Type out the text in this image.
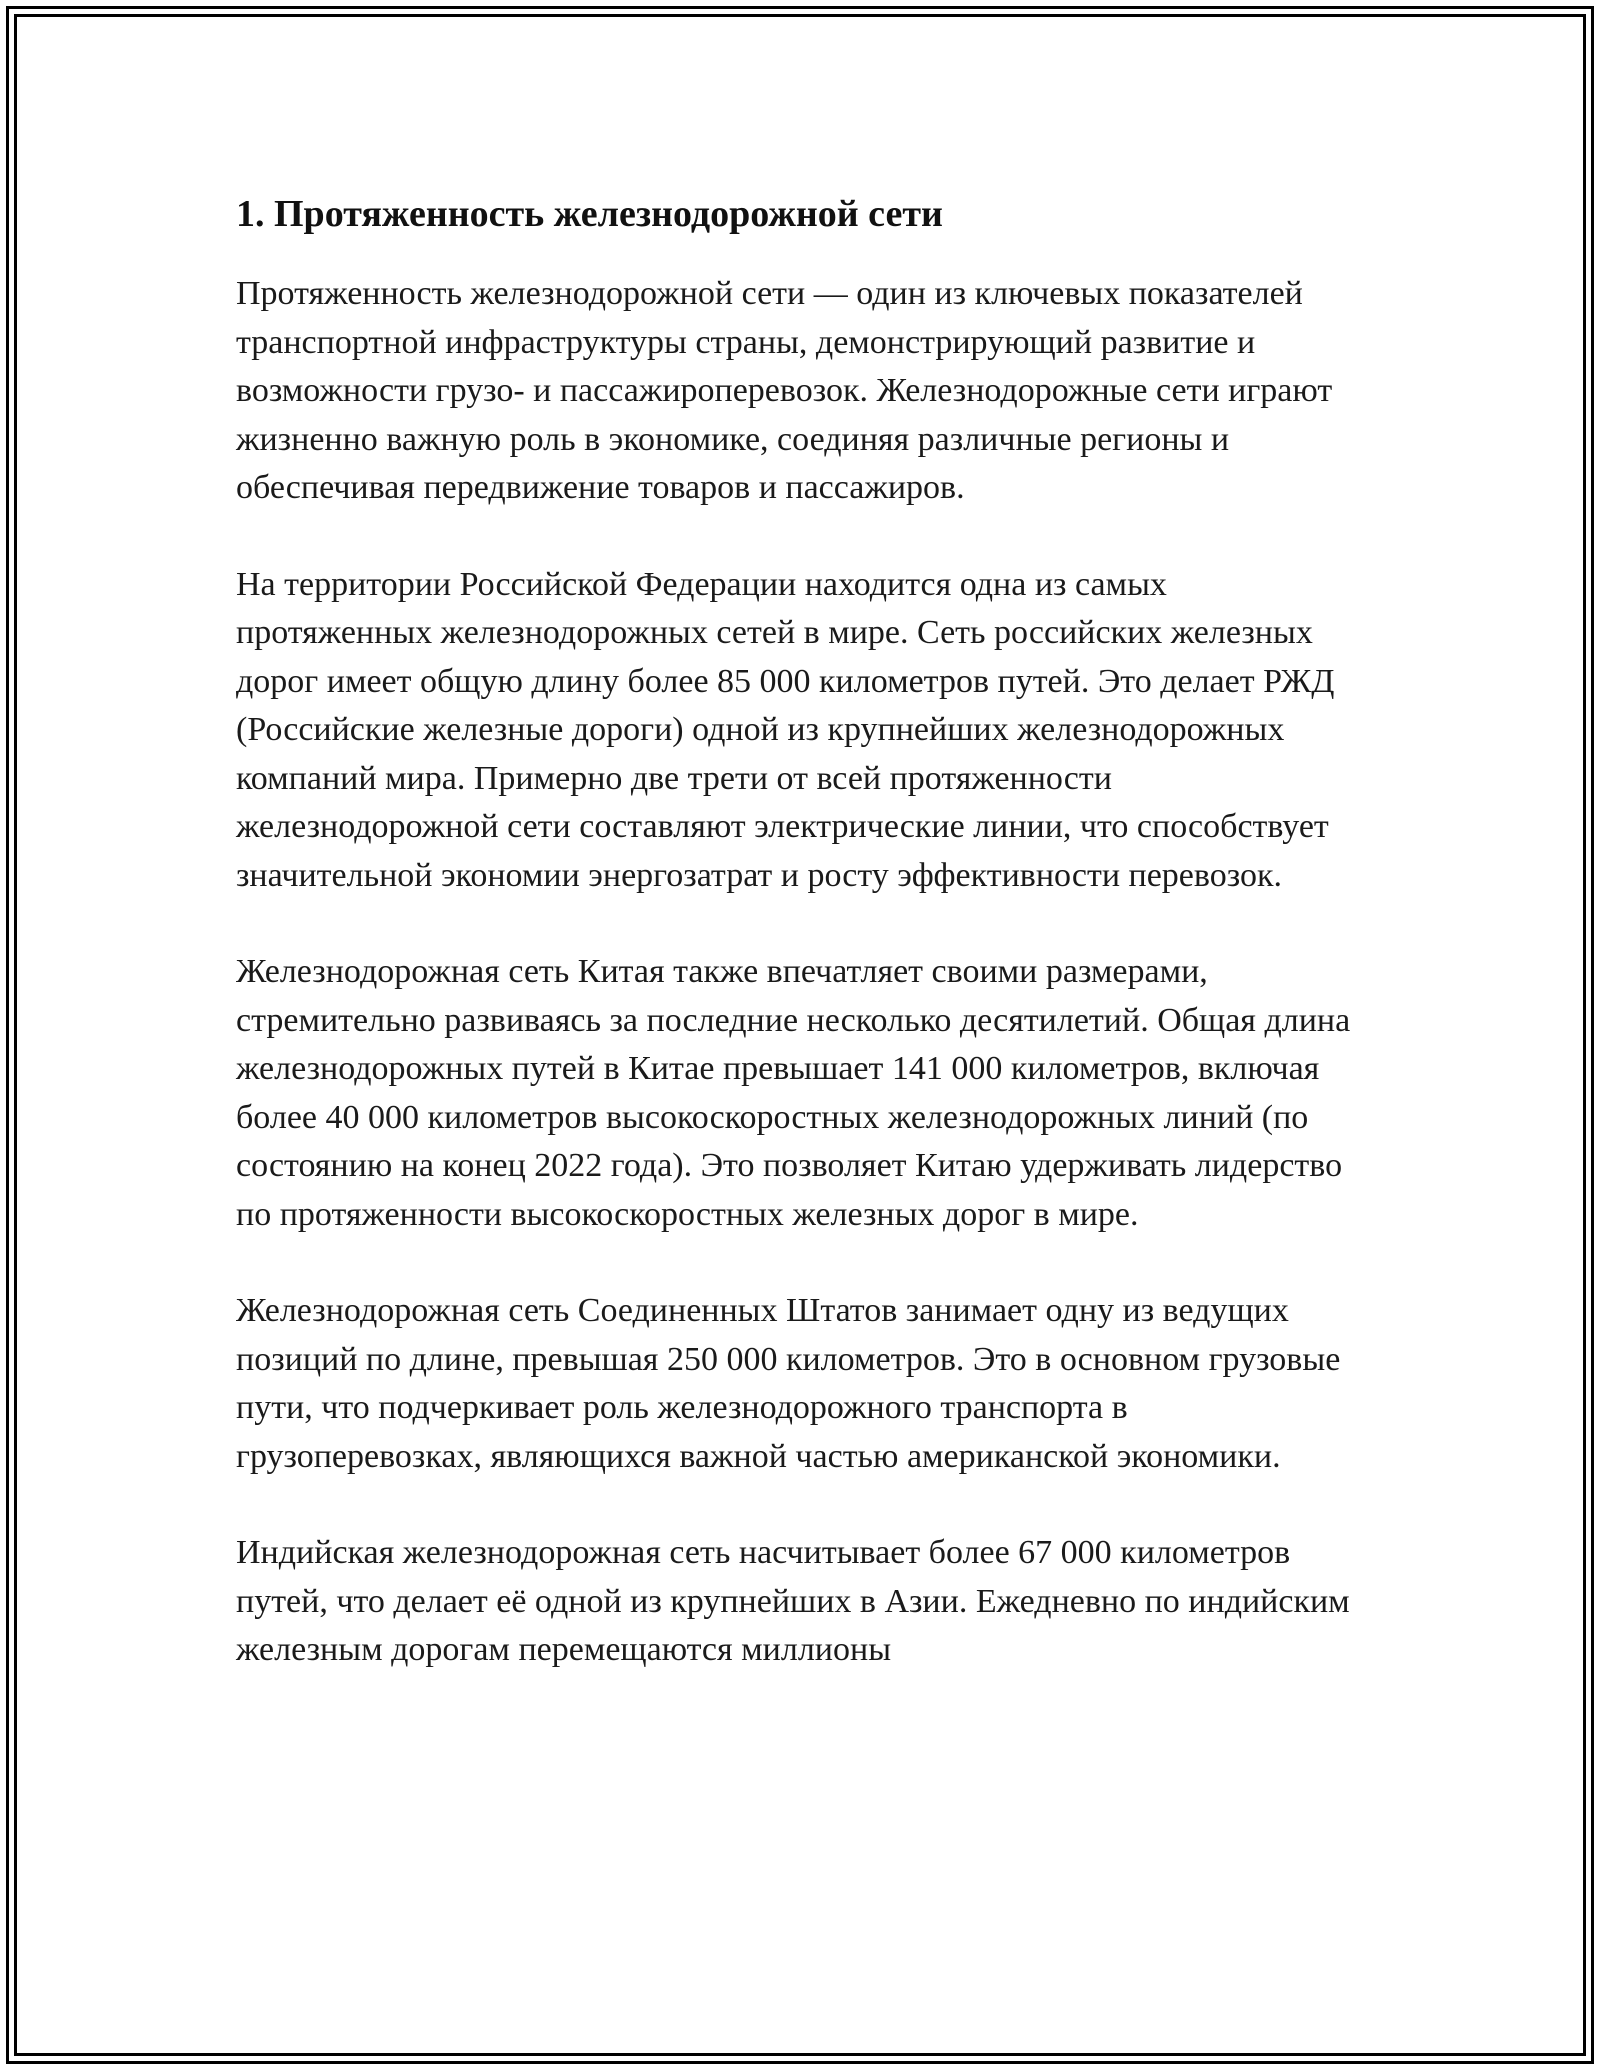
1. Протяженность железнодорожной сети

Протяженность железнодорожной сети — один из ключевых показателей транспортной инфраструктуры страны, демонстрирующий развитие и возможности грузо- и пассажироперевозок. Железнодорожные сети играют жизненно важную роль в экономике, соединяя различные регионы и обеспечивая передвижение товаров и пассажиров.

На территории Российской Федерации находится одна из самых протяженных железнодорожных сетей в мире. Сеть российских железных дорог имеет общую длину более 85 000 километров путей. Это делает РЖД (Российские железные дороги) одной из крупнейших железнодорожных компаний мира. Примерно две трети от всей протяженности железнодорожной сети составляют электрические линии, что способствует значительной экономии энергозатрат и росту эффективности перевозок.

Железнодорожная сеть Китая также впечатляет своими размерами, стремительно развиваясь за последние несколько десятилетий. Общая длина железнодорожных путей в Китае превышает 141 000 километров, включая более 40 000 километров высокоскоростных железнодорожных линий (по состоянию на конец 2022 года). Это позволяет Китаю удерживать лидерство по протяженности высокоскоростных железных дорог в мире.

Железнодорожная сеть Соединенных Штатов занимает одну из ведущих позиций по длине, превышая 250 000 километров. Это в основном грузовые пути, что подчеркивает роль железнодорожного транспорта в грузоперевозках, являющихся важной частью американской экономики.

Индийская железнодорожная сеть насчитывает более 67 000 километров путей, что делает её одной из крупнейших в Азии. Ежедневно по индийским железным дорогам перемещаются миллионы
